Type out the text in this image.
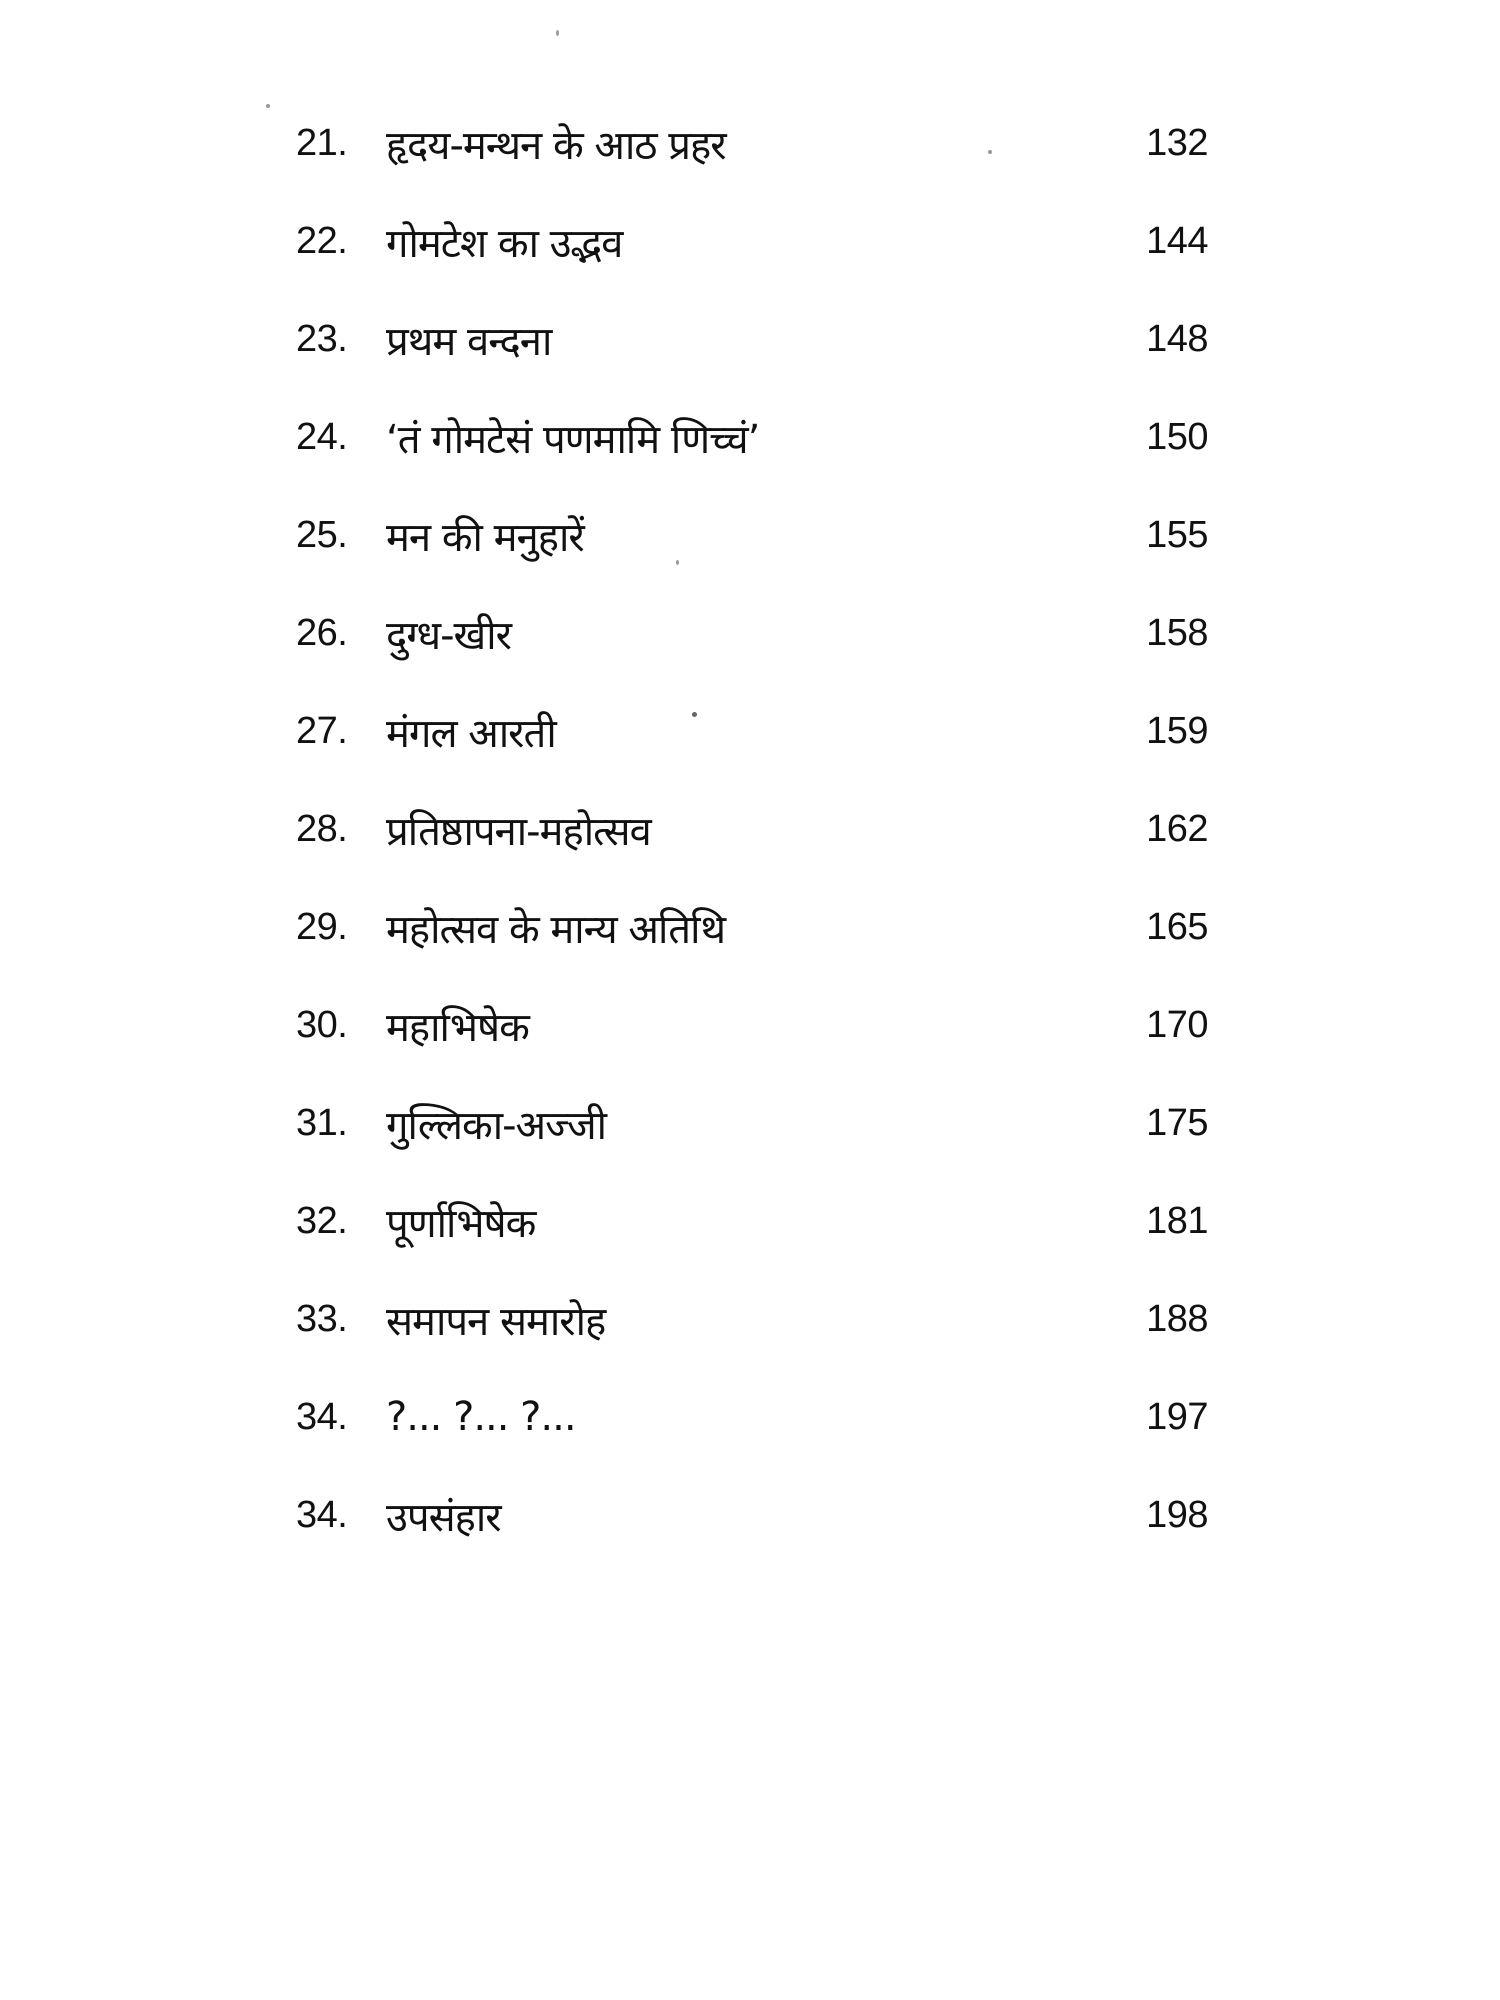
21. हृदय-मन्थन के आठ प्रहर	132
22. गोमटेश का उद्भव	144
23. प्रथम वन्दना	148
24. ‘तं गोमटेसं पणमामि णिच्चं’	150
25. मन की मनुहारें	155
26. दुग्ध-खीर	158
27. मंगल आरती	159
28. प्रतिष्ठापना-महोत्सव	162
29. महोत्सव के मान्य अतिथि	165
30. महाभिषेक	170
31. गुल्लिका-अज्जी	175
32. पूर्णाभिषेक	181
33. समापन समारोह	188
34. ?... ?... ?...	197
34. उपसंहार	198
